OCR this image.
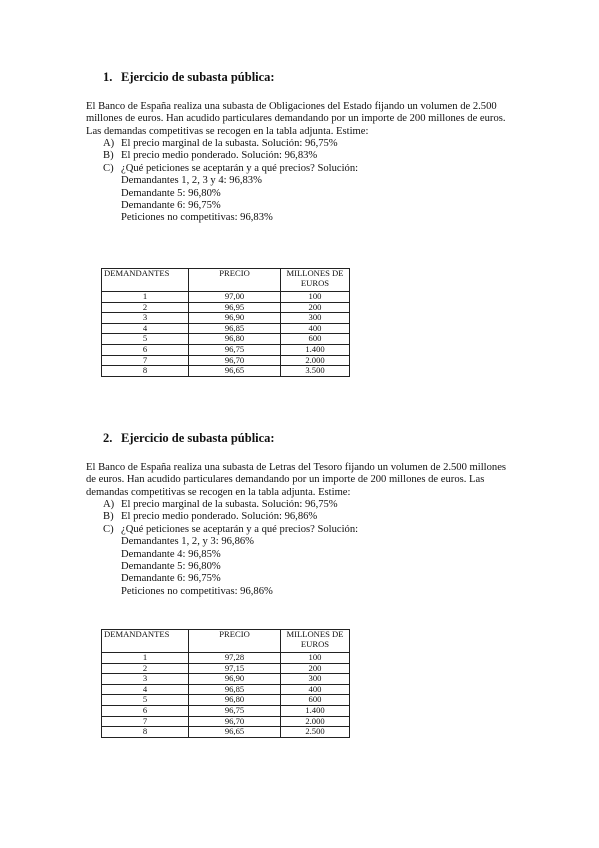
1. Ejercicio de subasta pública:
El Banco de España realiza una subasta de Obligaciones del Estado fijando un volumen de 2.500 millones de euros. Han acudido particulares demandando por un importe de 200 millones de euros. Las demandas competitivas se recogen en la tabla adjunta. Estime:
A) El precio marginal de la subasta. Solución: 96,75%
B) El precio medio ponderado. Solución: 96,83%
C) ¿Qué peticiones se aceptarán y a qué precios? Solución:
Demandantes 1, 2, 3 y 4: 96,83%
Demandante 5: 96,80%
Demandante 6: 96,75%
Peticiones no competitivas: 96,83%
DEMANDANTES	PRECIO	MILLONES DE EUROS
1	97,00	100
2	96,95	200
3	96,90	300
4	96,85	400
5	96,80	600
6	96,75	1.400
7	96,70	2.000
8	96,65	3.500
2. Ejercicio de subasta pública:
El Banco de España realiza una subasta de Letras del Tesoro fijando un volumen de 2.500 millones de euros. Han acudido particulares demandando por un importe de 200 millones de euros. Las demandas competitivas se recogen en la tabla adjunta. Estime:
A) El precio marginal de la subasta. Solución: 96,75%
B) El precio medio ponderado. Solución: 96,86%
C) ¿Qué peticiones se aceptarán y a qué precios? Solución:
Demandantes 1, 2, y 3: 96,86%
Demandante 4: 96,85%
Demandante 5: 96,80%
Demandante 6: 96,75%
Peticiones no competitivas: 96,86%
DEMANDANTES	PRECIO	MILLONES DE EUROS
1	97,28	100
2	97,15	200
3	96,90	300
4	96,85	400
5	96,80	600
6	96,75	1.400
7	96,70	2.000
8	96,65	2.500
